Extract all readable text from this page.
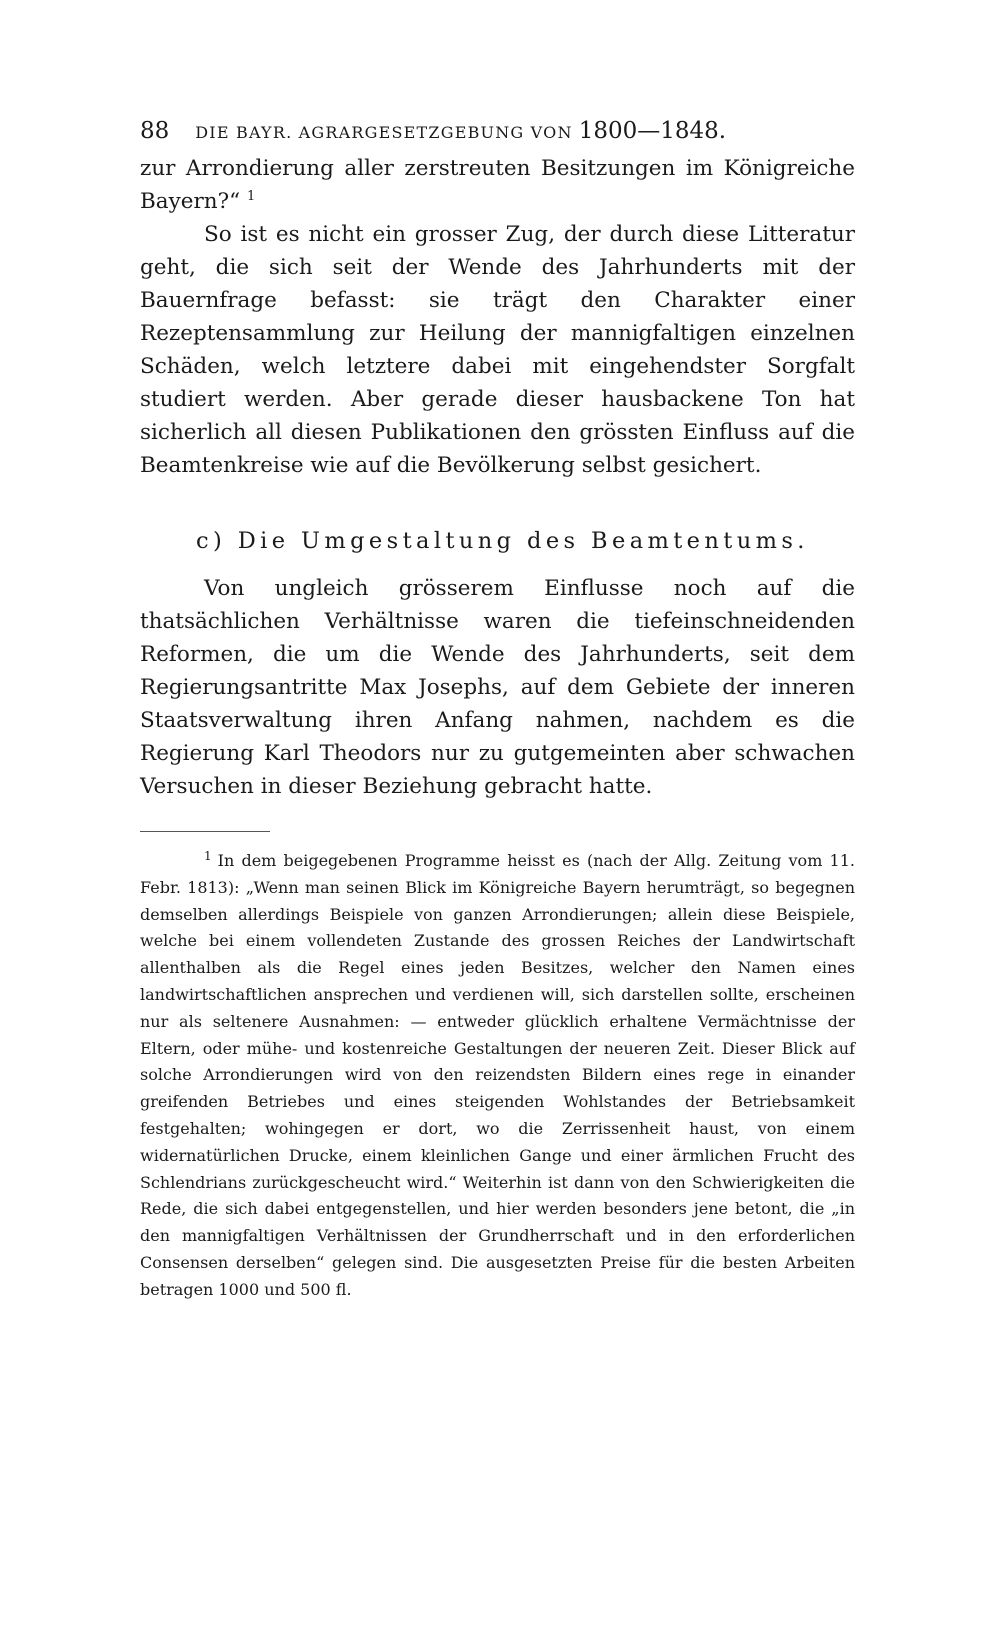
88 DIE BAYR. AGRARGESETZGEBUNG VON 1800—1848.

zur Arrondierung aller zerstreuten Besitzungen im Königreiche Bayern?“ $^1$

So ist es nicht ein grosser Zug, der durch diese Litteratur geht, die sich seit der Wende des Jahrhunderts mit der Bauernfrage befasst: sie trägt den Charakter einer Rezeptensammlung zur Heilung der mannigfaltigen einzelnen Schäden, welch letztere dabei mit eingehendster Sorgfalt studiert werden. Aber gerade dieser hausbackene Ton hat sicherlich all diesen Publikationen den grössten Einfluss auf die Beamtenkreise wie auf die Bevölkerung selbst gesichert.

c) Die Umgestaltung des Beamtentums.

Von ungleich grösserem Einflusse noch auf die thatsächlichen Verhältnisse waren die tiefeinschneidenden Reformen, die um die Wende des Jahrhunderts, seit dem Regierungsantritte Max Josephs, auf dem Gebiete der inneren Staatsverwaltung ihren Anfang nahmen, nachdem es die Regierung Karl Theodors nur zu gutgemeinten aber schwachen Versuchen in dieser Beziehung gebracht hatte.

$^1$ In dem beigegebenen Programme heisst es (nach der Allg. Zeitung vom 11. Febr. 1813): „Wenn man seinen Blick im Königreiche Bayern herumträgt, so begegnen demselben allerdings Beispiele von ganzen Arrondierungen; allein diese Beispiele, welche bei einem vollendeten Zustande des grossen Reiches der Landwirtschaft allenthalben als die Regel eines jeden Besitzes, welcher den Namen eines landwirtschaftlichen ansprechen und verdienen will, sich darstellen sollte, erscheinen nur als seltenere Ausnahmen: — entweder glücklich erhaltene Vermächtnisse der Eltern, oder mühe- und kostenreiche Gestaltungen der neueren Zeit. Dieser Blick auf solche Arrondierungen wird von den reizendsten Bildern eines rege in einander greifenden Betriebes und eines steigenden Wohlstandes der Betriebsamkeit festgehalten; wohingegen er dort, wo die Zerrissenheit haust, von einem widernatürlichen Drucke, einem kleinlichen Gange und einer ärmlichen Frucht des Schlendrians zurückgescheucht wird.“ Weiterhin ist dann von den Schwierigkeiten die Rede, die sich dabei entgegenstellen, und hier werden besonders jene betont, die „in den mannigfaltigen Verhältnissen der Grundherrschaft und in den erforderlichen Consensen derselben“ gelegen sind. Die ausgesetzten Preise für die besten Arbeiten betragen 1000 und 500 fl.
